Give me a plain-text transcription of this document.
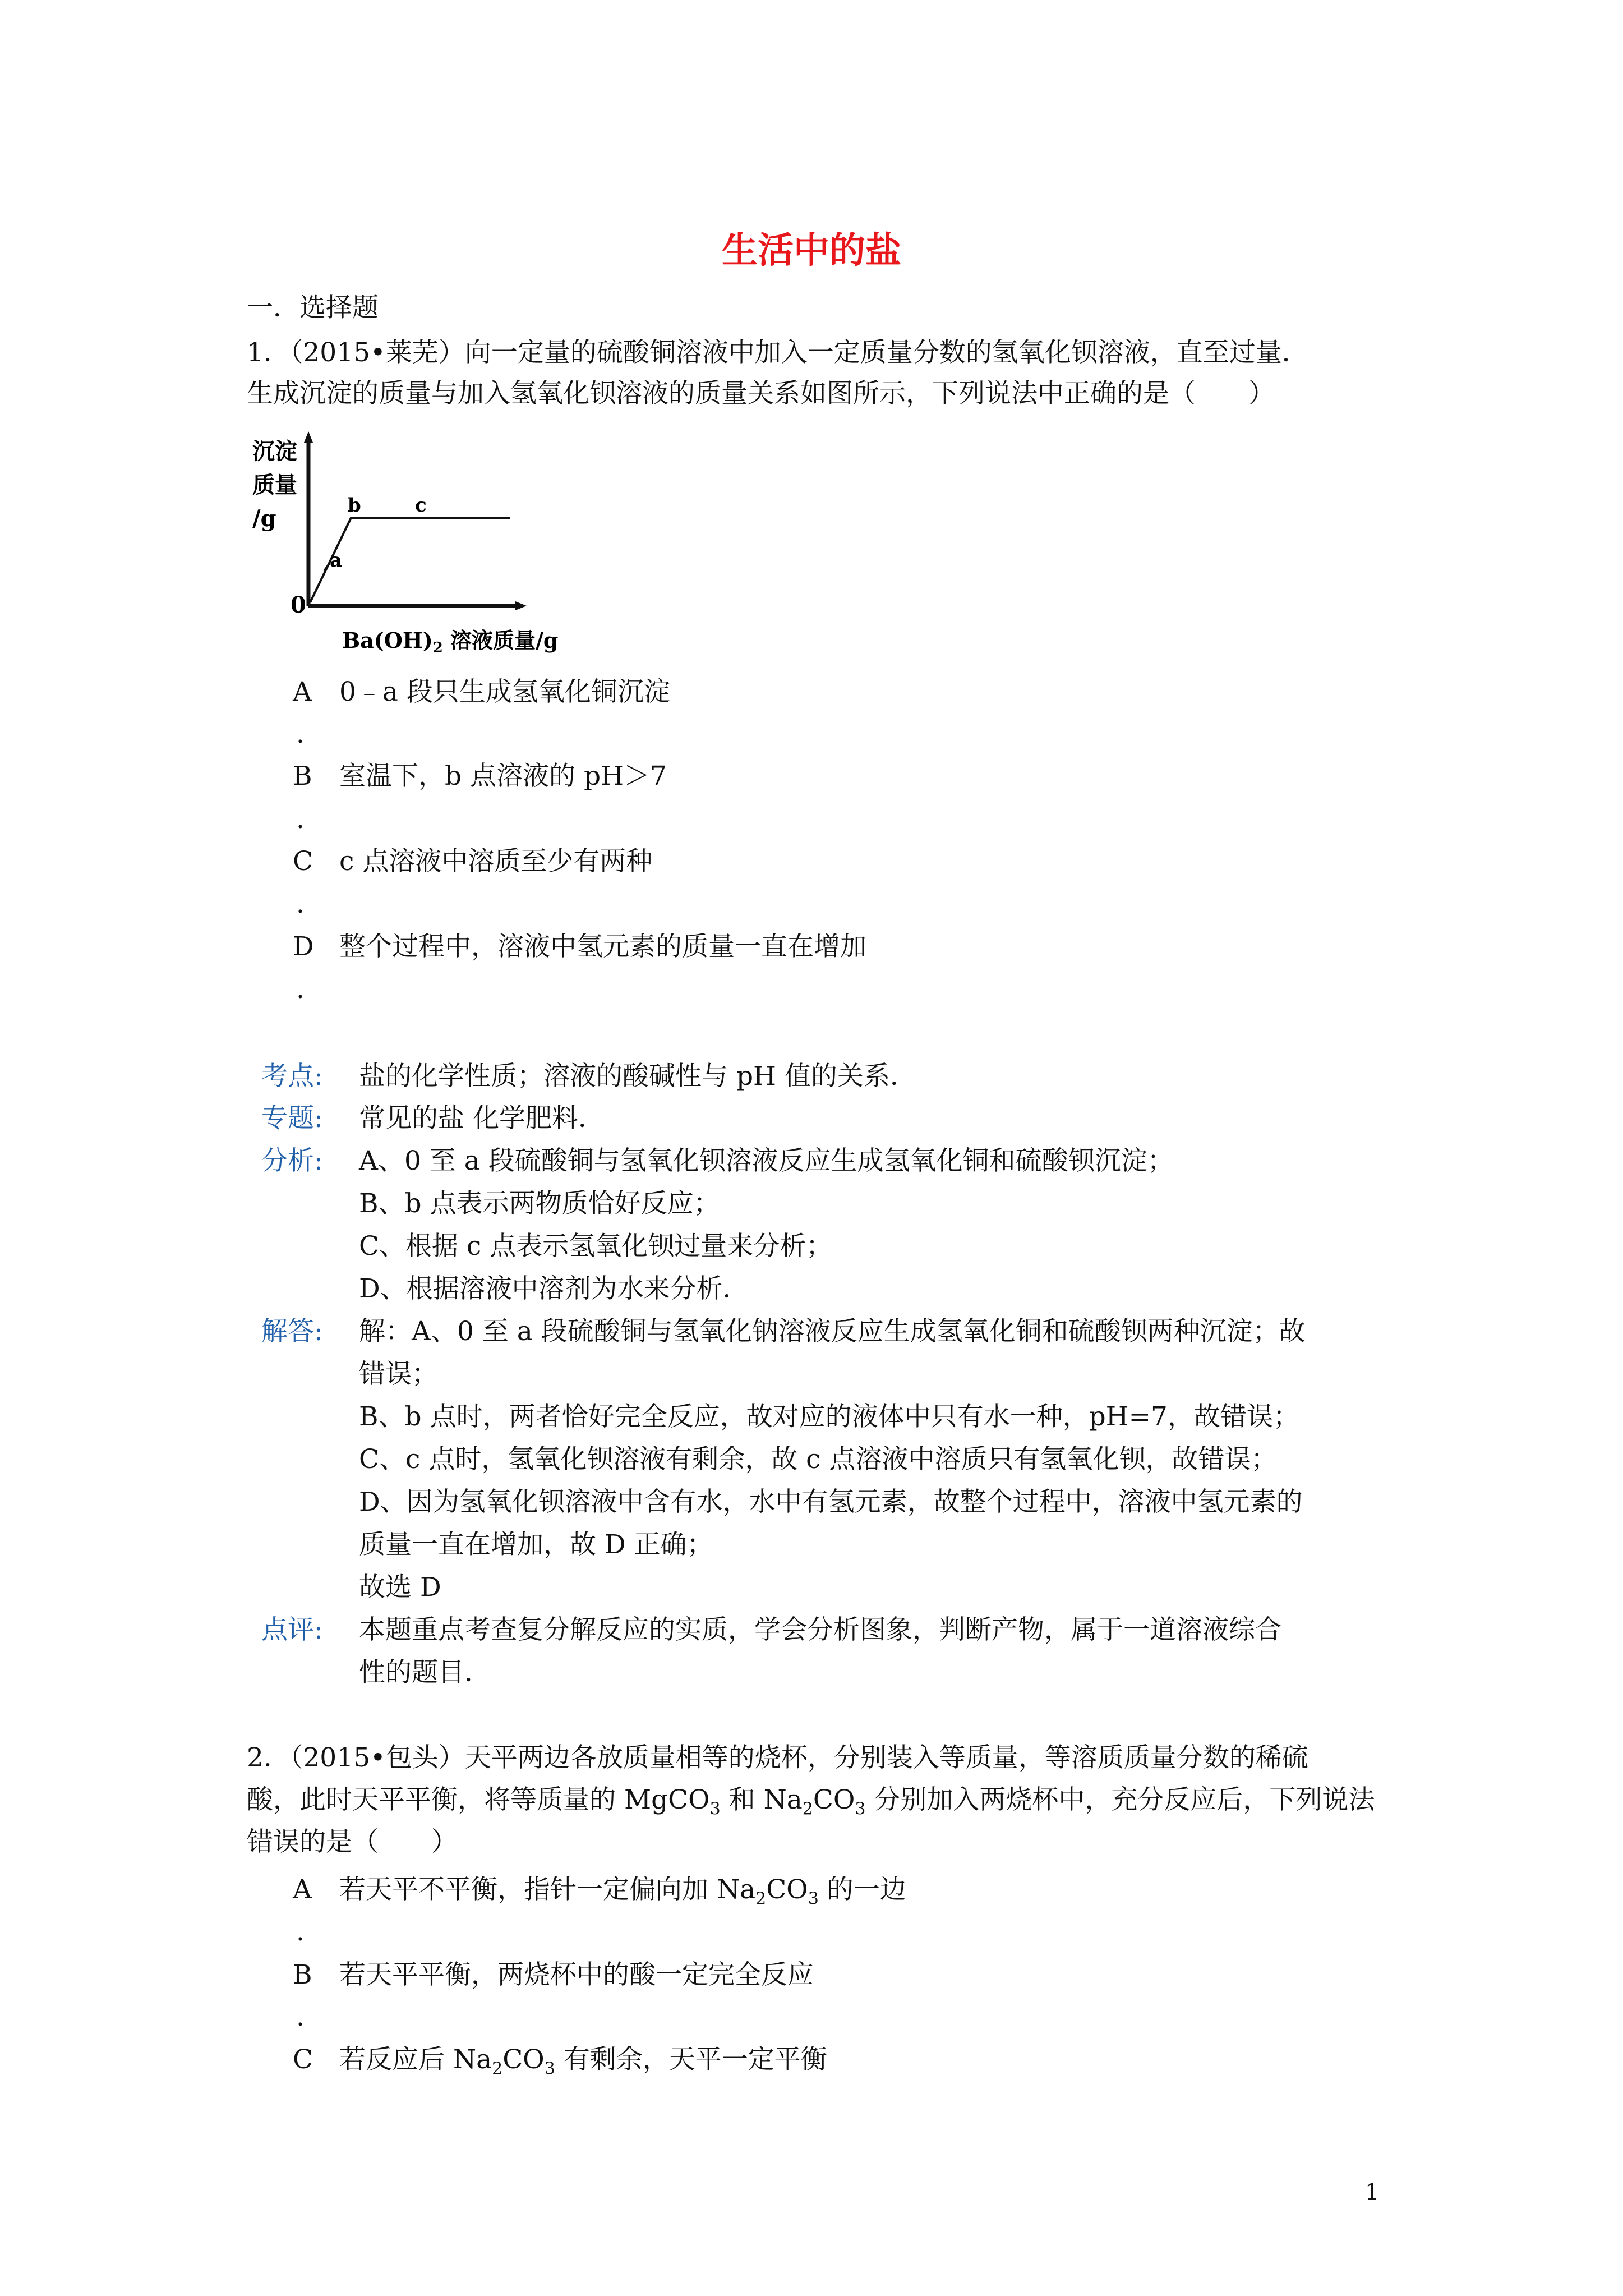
生活中的盐
一．选择题
1．（2015•莱芜）向一定量的硫酸铜溶液中加入一定质量分数的氢氧化钡溶液，直至过量．
生成沉淀的质量与加入氢氧化钡溶液的质量关系如图所示，下列说法中正确的是（　　）
沉淀
质量
/g
0
a
b	c
$Ba(OH)_2$ 溶液质量/g
A 0﹣a 段只生成氢氧化铜沉淀
.
B 室温下，b 点溶液的 pH＞7
.
C c 点溶液中溶质至少有两种
.
D 整个过程中，溶液中氢元素的质量一直在增加
.
考点: 盐的化学性质；溶液的酸碱性与 pH 值的关系．
专题: 常见的盐 化学肥料．
分析: A、0 至 a 段硫酸铜与氢氧化钡溶液反应生成氢氧化铜和硫酸钡沉淀；
B、b 点表示两物质恰好反应；
C、根据 c 点表示氢氧化钡过量来分析；
D、根据溶液中溶剂为水来分析．
解答: 解：A、0 至 a 段硫酸铜与氢氧化钠溶液反应生成氢氧化铜和硫酸钡两种沉淀；故
错误；
B、b 点时，两者恰好完全反应，故对应的液体中只有水一种，pH=7，故错误；
C、c 点时，氢氧化钡溶液有剩余，故 c 点溶液中溶质只有氢氧化钡，故错误；
D、因为氢氧化钡溶液中含有水，水中有氢元素，故整个过程中，溶液中氢元素的
质量一直在增加，故 D 正确；
故选 D
点评: 本题重点考查复分解反应的实质，学会分析图象，判断产物，属于一道溶液综合
性的题目．
2．（2015•包头）天平两边各放质量相等的烧杯，分别装入等质量，等溶质质量分数的稀硫
酸，此时天平平衡，将等质量的 MgCO$_3$ 和 $Na_2CO_3$ 分别加入两烧杯中，充分反应后，下列说法
错误的是（　　）
A 若天平不平衡，指针一定偏向加 $Na_2CO_3$ 的一边
.
B 若天平平衡，两烧杯中的酸一定完全反应
.
C 若反应后 $Na_2CO_3$ 有剩余，天平一定平衡
1
